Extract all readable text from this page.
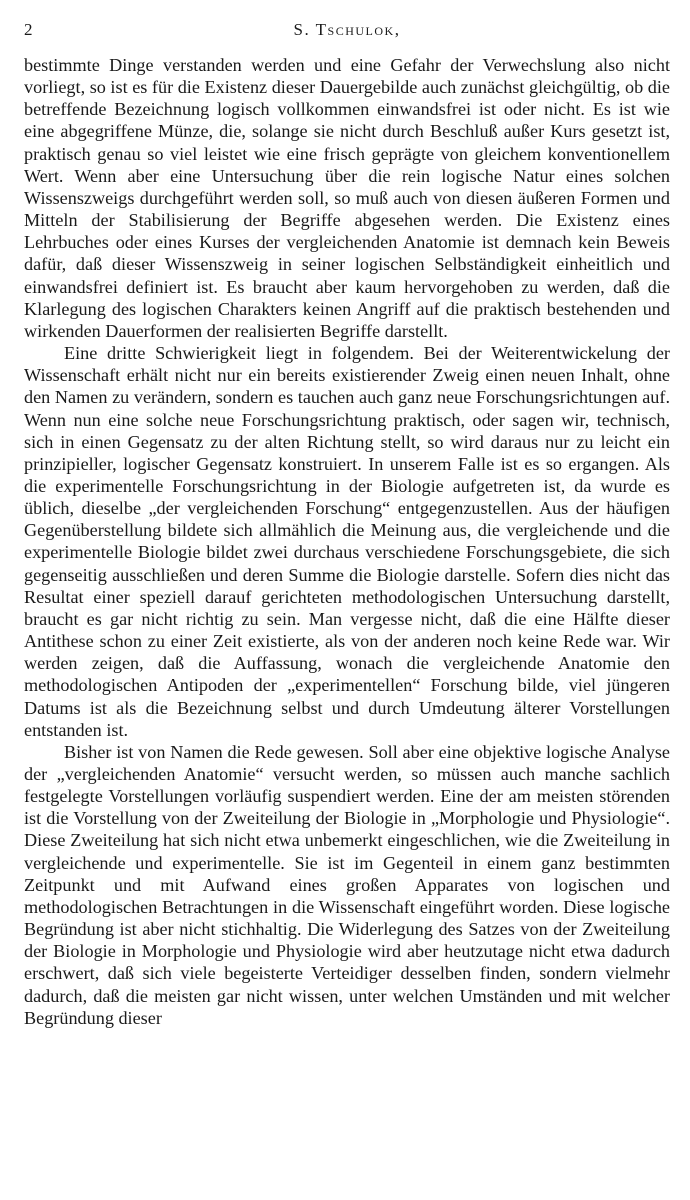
2	S. Tschulok,

bestimmte Dinge verstanden werden und eine Gefahr der Verwechslung also nicht vorliegt, so ist es für die Existenz dieser Dauergebilde auch zunächst gleichgültig, ob die betreffende Bezeichnung logisch vollkommen einwandsfrei ist oder nicht. Es ist wie eine abgegriffene Münze, die, solange sie nicht durch Beschluß außer Kurs gesetzt ist, praktisch genau so viel leistet wie eine frisch geprägte von gleichem konventionellem Wert. Wenn aber eine Untersuchung über die rein logische Natur eines solchen Wissenszweigs durchgeführt werden soll, so muß auch von diesen äußeren Formen und Mitteln der Stabilisierung der Begriffe abgesehen werden. Die Existenz eines Lehrbuches oder eines Kurses der vergleichenden Anatomie ist demnach kein Beweis dafür, daß dieser Wissenszweig in seiner logischen Selbständigkeit einheitlich und einwandsfrei definiert ist. Es braucht aber kaum hervorgehoben zu werden, daß die Klarlegung des logischen Charakters keinen Angriff auf die praktisch bestehenden und wirkenden Dauerformen der realisierten Begriffe darstellt.

Eine dritte Schwierigkeit liegt in folgendem. Bei der Weiterentwickelung der Wissenschaft erhält nicht nur ein bereits existierender Zweig einen neuen Inhalt, ohne den Namen zu verändern, sondern es tauchen auch ganz neue Forschungsrichtungen auf. Wenn nun eine solche neue Forschungsrichtung praktisch, oder sagen wir, technisch, sich in einen Gegensatz zu der alten Richtung stellt, so wird daraus nur zu leicht ein prinzipieller, logischer Gegensatz konstruiert. In unserem Falle ist es so ergangen. Als die experimentelle Forschungsrichtung in der Biologie aufgetreten ist, da wurde es üblich, dieselbe „der vergleichenden Forschung“ entgegenzustellen. Aus der häufigen Gegenüberstellung bildete sich allmählich die Meinung aus, die vergleichende und die experimentelle Biologie bildet zwei durchaus verschiedene Forschungsgebiete, die sich gegenseitig ausschließen und deren Summe die Biologie darstelle. Sofern dies nicht das Resultat einer speziell darauf gerichteten methodologischen Untersuchung darstellt, braucht es gar nicht richtig zu sein. Man vergesse nicht, daß die eine Hälfte dieser Antithese schon zu einer Zeit existierte, als von der anderen noch keine Rede war. Wir werden zeigen, daß die Auffassung, wonach die vergleichende Anatomie den methodologischen Antipoden der „experimentellen“ Forschung bilde, viel jüngeren Datums ist als die Bezeichnung selbst und durch Umdeutung älterer Vorstellungen entstanden ist.

Bisher ist von Namen die Rede gewesen. Soll aber eine objektive logische Analyse der „vergleichenden Anatomie“ versucht werden, so müssen auch manche sachlich festgelegte Vorstellungen vorläufig suspendiert werden. Eine der am meisten störenden ist die Vorstellung von der Zweiteilung der Biologie in „Morphologie und Physiologie“. Diese Zweiteilung hat sich nicht etwa unbemerkt eingeschlichen, wie die Zweiteilung in vergleichende und experimentelle. Sie ist im Gegenteil in einem ganz bestimmten Zeitpunkt und mit Aufwand eines großen Apparates von logischen und methodologischen Betrachtungen in die Wissenschaft eingeführt worden. Diese logische Begründung ist aber nicht stichhaltig. Die Widerlegung des Satzes von der Zweiteilung der Biologie in Morphologie und Physiologie wird aber heutzutage nicht etwa dadurch erschwert, daß sich viele begeisterte Verteidiger desselben finden, sondern vielmehr dadurch, daß die meisten gar nicht wissen, unter welchen Umständen und mit welcher Begründung dieser
